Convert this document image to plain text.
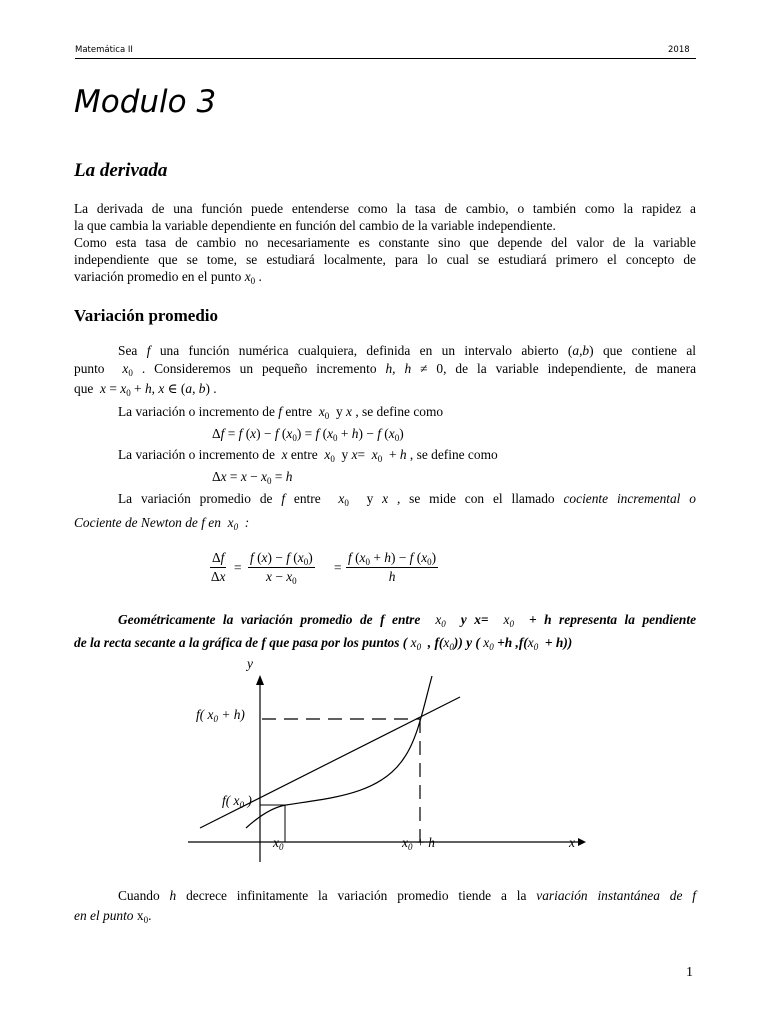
Matemática II	2018
Modulo 3
La derivada
La derivada de una función puede entenderse como la tasa de cambio, o también como la rapidez a
la que cambia la variable dependiente en función del cambio de la variable independiente.
Como esta tasa de cambio no necesariamente es constante sino que depende del valor de la variable
independiente que se tome, se estudiará localmente, para lo cual se estudiará primero el concepto de
variación promedio en el punto $x_0$ .
Variación promedio
Sea f una función numérica cualquiera, definida en un intervalo abierto (a,b) que contiene al
punto $x_0$ . Consideremos un pequeño incremento h, h ≠ 0, de la variable independiente, de manera
que $x = x_0 + h$, x ∈ (a, b) .
La variación o incremento de f entre $x_0$  y x , se define como
Δf = f (x) − f $(x_0) = f$ $(x_0 + h) - f$ $(x_0)$
La variación o incremento de x entre $x_0$  y $x= x_0 + h$ , se define como
$\Delta x = x - x_0 = h$
La variación promedio de f entre $x_0$  y x , se mide con el llamado cociente incremental o
Cociente de Newton de f en $x_0$  :
$\frac{\Delta f}{\Delta x} = \frac{f (x) - f (x_0)}{x - x_0} = \frac{f (x_0 + h) - f (x_0)}{h}$
Geométricamente la variación promedio de f entre $x_0$ y $x= x_0 + h$ representa la pendiente
de la recta secante a la gráfica de f que pasa por los puntos ( $x_0$ , $f(x_0)$) y ( $x_0 +h$ $,f(x_0 + h)$)
y
x
f( $x_0 + h$)
f( $x_0$ )
$x_0$	$x_0 + h$
Cuando h decrece infinitamente la variación promedio tiende a la variación instantánea de f
en el punto $x_0$.
1
